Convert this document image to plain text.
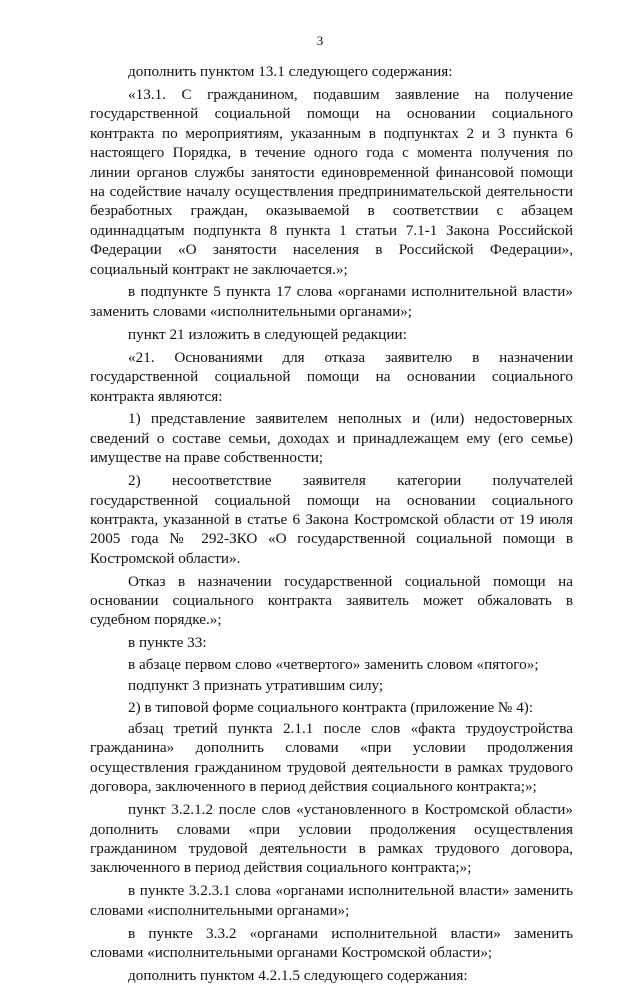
3

дополнить пунктом 13.1 следующего содержания:

«13.1. С гражданином, подавшим заявление на получение государственной социальной помощи на основании социального контракта по мероприятиям, указанным в подпунктах 2 и 3 пункта 6 настоящего Порядка, в течение одного года с момента получения по линии органов службы занятости единовременной финансовой помощи на содействие началу осуществления предпринимательской деятельности безработных граждан, оказываемой в соответствии с абзацем одиннадцатым подпункта 8 пункта 1 статьи 7.1-1 Закона Российской Федерации «О занятости населения в Российской Федерации», социальный контракт не заключается.»;

в подпункте 5 пункта 17 слова «органами исполнительной власти» заменить словами «исполнительными органами»;

пункт 21 изложить в следующей редакции:

«21. Основаниями для отказа заявителю в назначении государственной социальной помощи на основании социального контракта являются:

1) представление заявителем неполных и (или) недостоверных сведений о составе семьи, доходах и принадлежащем ему (его семье) имуществе на праве собственности;

2) несоответствие заявителя категории получателей государственной социальной помощи на основании социального контракта, указанной в статье 6 Закона Костромской области от 19 июля 2005 года № 292-ЗКО «О государственной социальной помощи в Костромской области».

Отказ в назначении государственной социальной помощи на основании социального контракта заявитель может обжаловать в судебном порядке.»;

в пункте 33:

в абзаце первом слово «четвертого» заменить словом «пятого»;

подпункт 3 признать утратившим силу;

2) в типовой форме социального контракта (приложение № 4):

абзац третий пункта 2.1.1 после слов «факта трудоустройства гражданина» дополнить словами «при условии продолжения осуществления гражданином трудовой деятельности в рамках трудового договора, заключенного в период действия социального контракта;»;

пункт 3.2.1.2 после слов «установленного в Костромской области» дополнить словами «при условии продолжения осуществления гражданином трудовой деятельности в рамках трудового договора, заключенного в период действия социального контракта;»;

в пункте 3.2.3.1 слова «органами исполнительной власти» заменить словами «исполнительными органами»;

в пункте 3.3.2 «органами исполнительной власти» заменить словами «исполнительными органами Костромской области»;

дополнить пунктом 4.2.1.5 следующего содержания:
